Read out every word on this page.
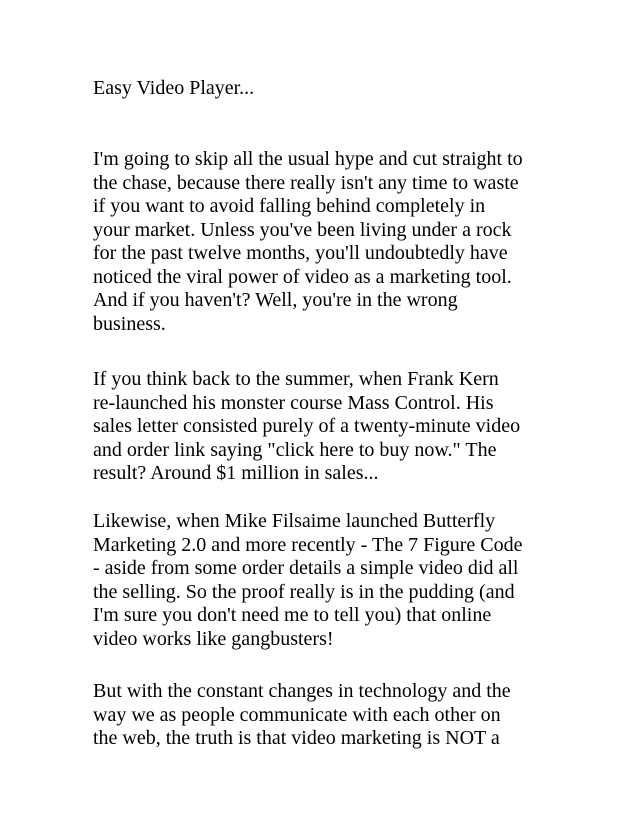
Easy Video Player...

I'm going to skip all the usual hype and cut straight to
the chase, because there really isn't any time to waste
if you want to avoid falling behind completely in
your market. Unless you've been living under a rock
for the past twelve months, you'll undoubtedly have
noticed the viral power of video as a marketing tool.
And if you haven't? Well, you're in the wrong
business.

If you think back to the summer, when Frank Kern
re-launched his monster course Mass Control. His
sales letter consisted purely of a twenty-minute video
and order link saying "click here to buy now." The
result? Around $1 million in sales...

Likewise, when Mike Filsaime launched Butterfly
Marketing 2.0 and more recently - The 7 Figure Code
- aside from some order details a simple video did all
the selling. So the proof really is in the pudding (and
I'm sure you don't need me to tell you) that online
video works like gangbusters!

But with the constant changes in technology and the
way we as people communicate with each other on
the web, the truth is that video marketing is NOT a
